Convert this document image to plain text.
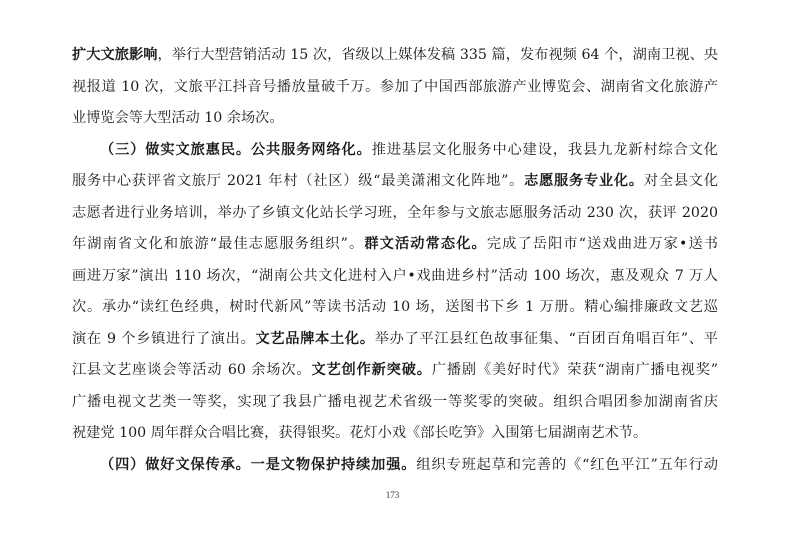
扩大文旅影响，举行大型营销活动 15 次，省级以上媒体发稿 335 篇，发布视频 64 个，湖南卫视、央
视报道 10 次，文旅平江抖音号播放量破千万。参加了中国西部旅游产业博览会、湖南省文化旅游产
业博览会等大型活动 10 余场次。
（三）做实文旅惠民。公共服务网络化。推进基层文化服务中心建设，我县九龙新村综合文化
服务中心获评省文旅厅 2021 年村（社区）级“最美潇湘文化阵地”。志愿服务专业化。对全县文化
志愿者进行业务培训，举办了乡镇文化站长学习班，全年参与文旅志愿服务活动 230 次，获评 2020
年湖南省文化和旅游“最佳志愿服务组织”。群文活动常态化。完成了岳阳市“送戏曲进万家•送书
画进万家”演出 110 场次，“湖南公共文化进村入户•戏曲进乡村”活动 100 场次，惠及观众 7 万人
次。承办“读红色经典，树时代新风”等读书活动 10 场，送图书下乡 1 万册。精心编排廉政文艺巡
演在 9 个乡镇进行了演出。文艺品牌本土化。举办了平江县红色故事征集、“百团百角唱百年”、平
江县文艺座谈会等活动 60 余场次。文艺创作新突破。广播剧《美好时代》荣获“湖南广播电视奖”
广播电视文艺类一等奖，实现了我县广播电视艺术省级一等奖零的突破。组织合唱团参加湖南省庆
祝建党 100 周年群众合唱比赛，获得银奖。花灯小戏《部长吃笋》入围第七届湖南艺术节。
（四）做好文保传承。一是文物保护持续加强。组织专班起草和完善的《“红色平江”五年行动
173
